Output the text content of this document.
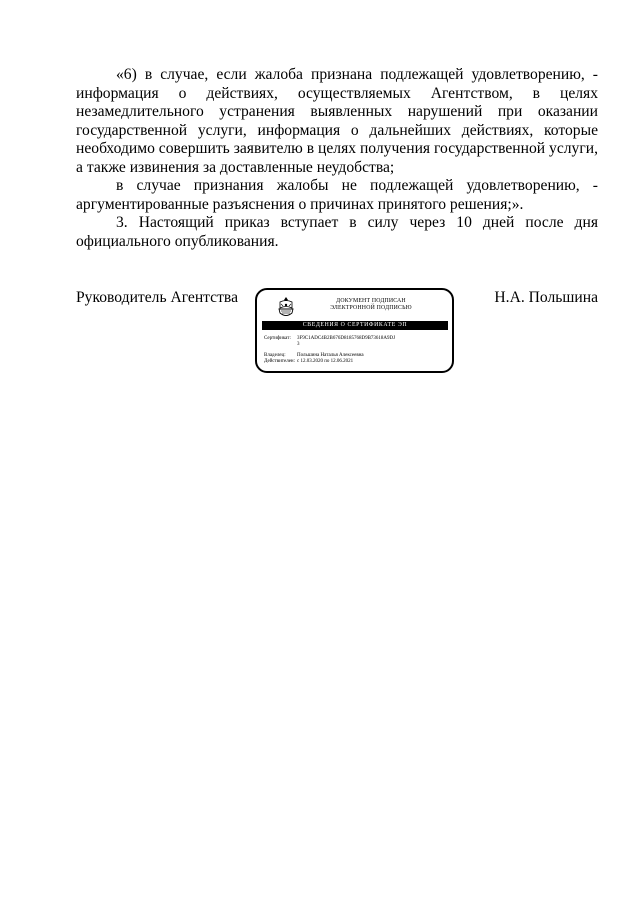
«6) в случае, если жалоба признана подлежащей удовлетворению, - информация о действиях, осуществляемых Агентством, в целях незамедлительного устранения выявленных нарушений при оказании государственной услуги, информация о дальнейших действиях, которые необходимо совершить заявителю в целях получения государственной услуги, а также извинения за доставленные неудобства;

в случае признания жалобы не подлежащей удовлетворению, - аргументированные разъяснения о причинах принятого решения;».

3. Настоящий приказ вступает в силу через 10 дней после дня официального опубликования.

Руководитель Агентства	Н.А. Польшина
ДОКУМЕНТ ПОДПИСАН
ЭЛЕКТРОННОЙ ПОДПИСЬЮ
СВЕДЕНИЯ О СЕРТИФИКАТЕ ЭП
Сертификат:	3F9C1ADC4B2B676D8185768D9B73618A9DJ
3
Владелец:	Польшина Наталья Алексеевна
Действителен: с 12.03.2020 по 12.06.2021
